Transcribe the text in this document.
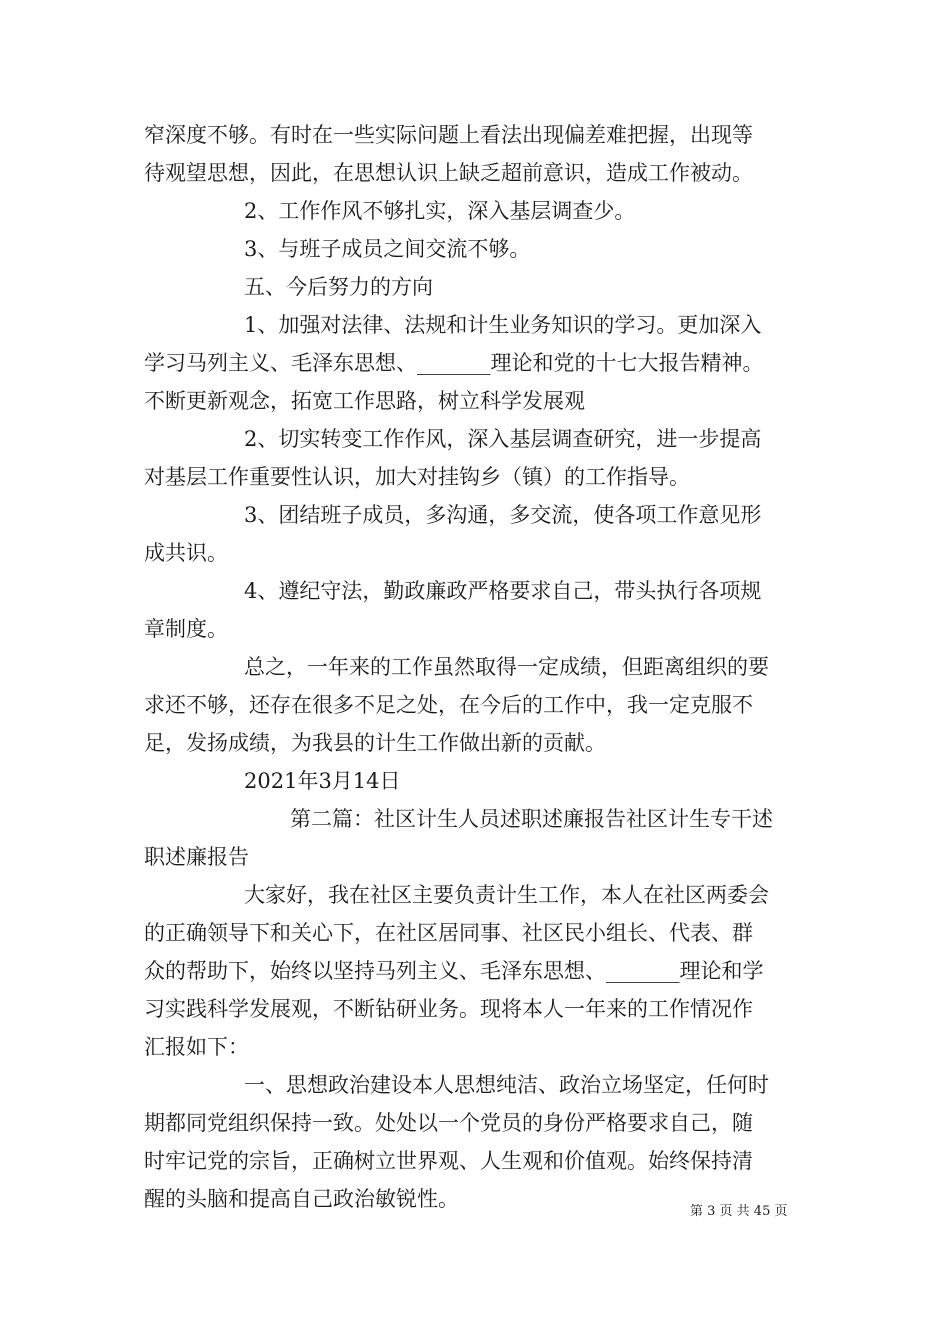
窄深度不够。有时在一些实际问题上看法出现偏差难把握，出现等
待观望思想，因此，在思想认识上缺乏超前意识，造成工作被动。

2、工作作风不够扎实，深入基层调查少。

3、与班子成员之间交流不够。

五、今后努力的方向

1、加强对法律、法规和计生业务知识的学习。更加深入
学习马列主义、毛泽东思想、_______理论和党的十七大报告精神。
不断更新观念，拓宽工作思路，树立科学发展观

2、切实转变工作作风，深入基层调查研究，进一步提高
对基层工作重要性认识，加大对挂钩乡（镇）的工作指导。

3、团结班子成员，多沟通，多交流，使各项工作意见形
成共识。

4、遵纪守法，勤政廉政严格要求自己，带头执行各项规
章制度。

总之，一年来的工作虽然取得一定成绩，但距离组织的要
求还不够，还存在很多不足之处，在今后的工作中，我一定克服不
足，发扬成绩，为我县的计生工作做出新的贡献。

2021年3月14日

第二篇：社区计生人员述职述廉报告社区计生专干述
职述廉报告

大家好，我在社区主要负责计生工作，本人在社区两委会
的正确领导下和关心下，在社区居同事、社区民小组长、代表、群
众的帮助下，始终以坚持马列主义、毛泽东思想、_______理论和学
习实践科学发展观，不断钻研业务。现将本人一年来的工作情况作
汇报如下：

一、思想政治建设本人思想纯洁、政治立场坚定，任何时
期都同党组织保持一致。处处以一个党员的身份严格要求自己，随
时牢记党的宗旨，正确树立世界观、人生观和价值观。始终保持清
醒的头脑和提高自己政治敏锐性。

第 3 页 共 45 页
